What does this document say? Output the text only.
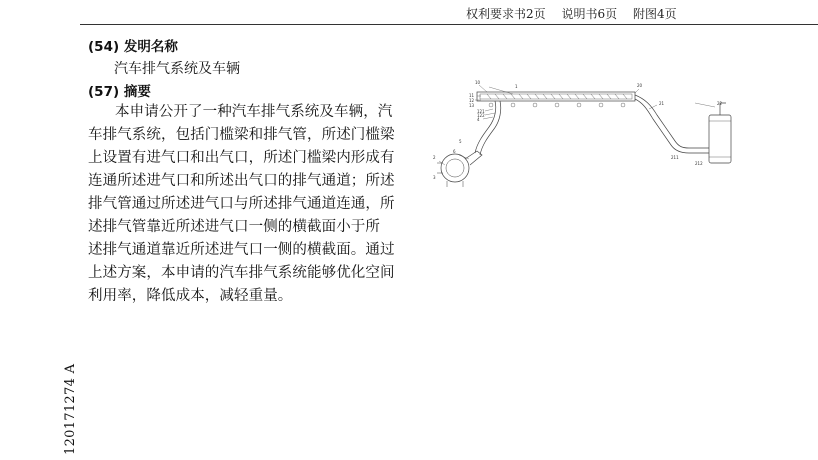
权利要求书2页 说明书6页 附图4页
(54) 发明名称
汽车排气系统及车辆
(57) 摘要
本申请公开了一种汽车排气系统及车辆，汽
车排气系统，包括门槛梁和排气管，所述门槛梁
上设置有进气口和出气口，所述门槛梁内形成有
连通所述进气口和所述出气口的排气通道；所述
排气管通过所述进气口与所述排气通道连通，所
述排气管靠近所述进气口一侧的横截面小于所
述排气通道靠近所述进气口一侧的横截面。通过
上述方案，本申请的汽车排气系统能够优化空间
利用率，降低成本，减轻重量。
120171274 A
10
1
11
12
13
121
122
4
5
6
2
3
20
21	22
211
212
